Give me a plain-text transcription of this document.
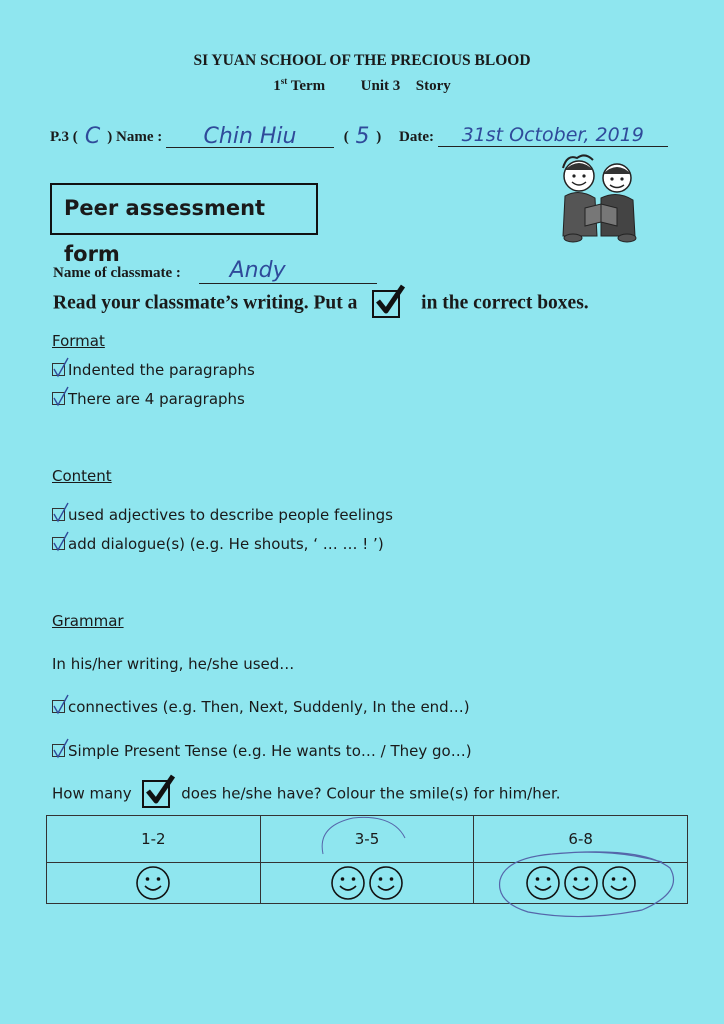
SI YUAN SCHOOL OF THE PRECIOUS BLOOD
1st Term Unit 3 Story
P.3 ( C ) Name : Chin Hiu	( 5 ) Date: 31st October, 2019
Peer assessment form
Name of classmate : Andy
Read your classmate’s writing. Put a	in the correct boxes.
Format
Indented the paragraphs
There are 4 paragraphs
Content
used adjectives to describe people feelings
add dialogue(s) (e.g. He shouts, ‘ … … ! ’)
Grammar
In his/her writing, he/she used…
connectives (e.g. Then, Next, Suddenly, In the end…)
Simple Present Tense (e.g. He wants to… / They go…)
How many	does he/she have? Colour the smile(s) for him/her.
1-2	3-5	6-8
